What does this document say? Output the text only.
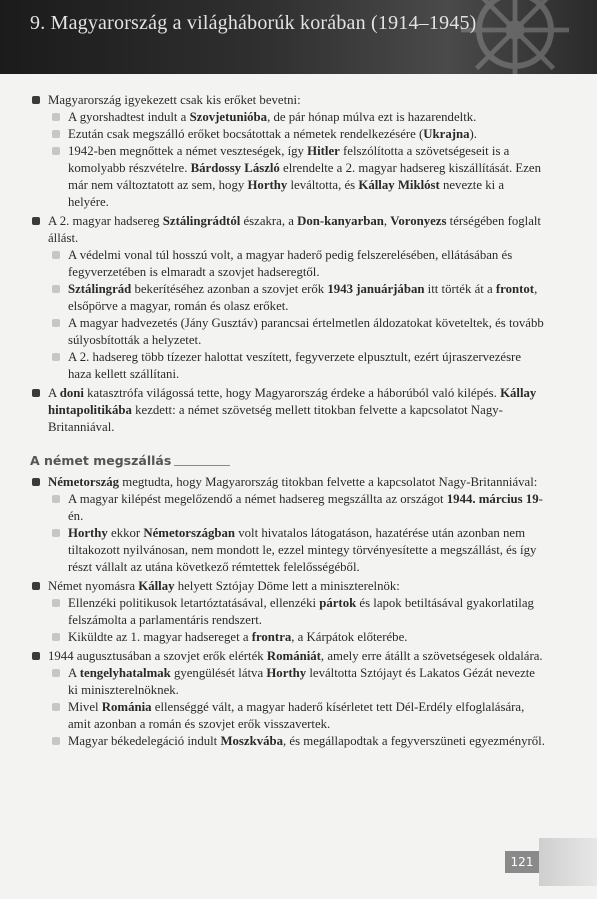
9. Magyarország a világháborúk korában (1914–1945)
Magyarország igyekezett csak kis erőket bevetni:
A gyorshadtest indult a Szovjetunióba, de pár hónap múlva ezt is hazarendeltk.
Ezután csak megszálló erőket bocsátottak a németek rendelkezésére (Ukrajna).
1942-ben megnőttek a német veszteségek, így Hitler felszólította a szövetségeseit is a komolyabb részvételre. Bárdossy László elrendelte a 2. magyar hadsereg kiszállítását. Ezen már nem változtatott az sem, hogy Horthy leváltotta, és Kállay Miklóst nevezte ki a helyére.
A 2. magyar hadsereg Sztálingrádtól északra, a Don-kanyarban, Voronyezs térségében foglalt állást.
A védelmi vonal túl hosszú volt, a magyar haderő pedig felszerelésében, ellátásában és fegyverzetében is elmaradt a szovjet hadseregtől.
Sztálingrád bekerítéséhez azonban a szovjet erők 1943 januárjában itt törték át a frontot, elsőpörve a magyar, román és olasz erőket.
A magyar hadvezetés (Jány Gusztáv) parancsai értelmetlen áldozatokat követeltek, és tovább súlyosbították a helyzetet.
A 2. hadsereg több tízezer halottat veszített, fegyverzete elpusztult, ezért újraszervezésre haza kellett szállítani.
A doni katasztrófa világossá tette, hogy Magyarország érdeke a háborúból való kilépés. Kállay hintapolitikába kezdett: a német szövetség mellett titokban felvette a kapcsolatot Nagy-Britanniával.
A német megszállás
Németország megtudta, hogy Magyarország titokban felvette a kapcsolatot Nagy-Britanniával:
A magyar kilépést megelőzendő a német hadsereg megszállta az országot 1944. március 19-én.
Horthy ekkor Németországban volt hivatalos látogatáson, hazatérése után azonban nem tiltakozott nyilvánosan, nem mondott le, ezzel mintegy törvényesítette a megszállást, és így részt vállalt az utána következő rémtettek felelősségéből.
Német nyomásra Kállay helyett Sztójay Döme lett a miniszterelnök:
Ellenzéki politikusok letartóztatásával, ellenzéki pártok és lapok betiltásával gyakorlatilag felszámolta a parlamentáris rendszert.
Kiküldte az 1. magyar hadsereget a frontra, a Kárpátok előterébe.
1944 augusztusában a szovjet erők elérték Romániát, amely erre átállt a szövetségesek oldalára.
A tengelyhatalmak gyengülését látva Horthy leváltotta Sztójayt és Lakatos Gézát nevezte ki miniszterelnöknek.
Mivel Románia ellenséggé vált, a magyar haderő kísérletet tett Dél-Erdély elfoglalására, amit azonban a román és szovjet erők visszavertek.
Magyar békedelegáció indult Moszkvába, és megállapodtak a fegyverszüneti egyezményről.
121
